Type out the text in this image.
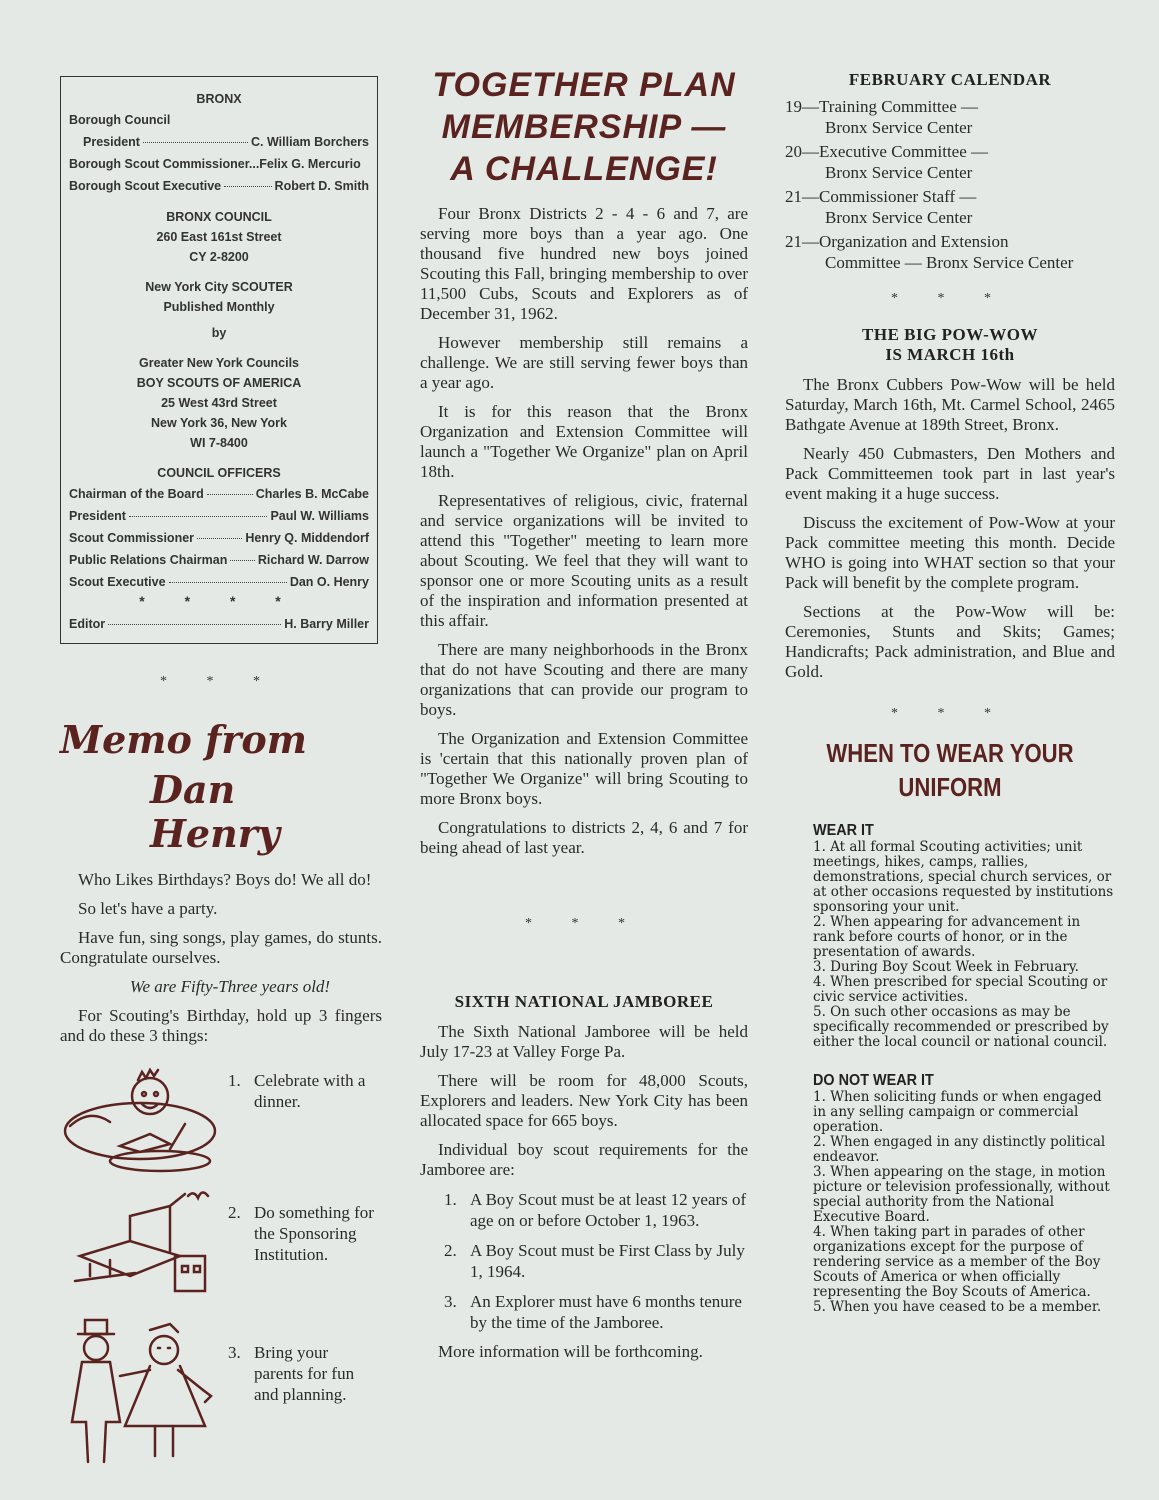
BRONX
Borough Council
President	C. William Borchers
Borough Scout Commissioner...Felix G. Mercurio
Borough Scout Executive	Robert D. Smith
BRONX COUNCIL
260 East 161st Street
CY 2-8200
New York City SCOUTER
Published Monthly
by
Greater New York Councils
BOY SCOUTS OF AMERICA
25 West 43rd Street
New York 36, New York
WI 7-8400
COUNCIL OFFICERS
Chairman of the Board	Charles B. McCabe
President	Paul W. Williams
Scout Commissioner	Henry Q. Middendorf
Public Relations Chairman Richard W. Darrow
Scout Executive	Dan O. Henry
* * * *
Editor	H. Barry Miller
* * *
Memo from
Dan Henry

Who Likes Birthdays? Boys do! We all do!

So let's have a party.

Have fun, sing songs, play games, do stunts. Congratulate ourselves.

We are Fifty-Three years old!

For Scouting's Birthday, hold up 3 fingers and do these 3 things:

1. Celebrate with a dinner.
2. Do something for the Sponsoring Institution.
3. Bring your parents for fun and planning.
TOGETHER PLAN
MEMBERSHIP —
A CHALLENGE!

Four Bronx Districts 2 - 4 - 6 and 7, are serving more boys than a year ago. One thousand five hundred new boys joined Scouting this Fall, bringing membership to over 11,500 Cubs, Scouts and Explorers as of December 31, 1962.

However membership still remains a challenge. We are still serving fewer boys than a year ago.

It is for this reason that the Bronx Organization and Extension Committee will launch a "Together We Organize" plan on April 18th.

Representatives of religious, civic, fraternal and service organizations will be invited to attend this "Together" meeting to learn more about Scouting. We feel that they will want to sponsor one or more Scouting units as a result of the inspiration and information presented at this affair.

There are many neighborhoods in the Bronx that do not have Scouting and there are many organizations that can provide our program to boys.

The Organization and Extension Committee is 'certain that this nationally proven plan of "Together We Organize" will bring Scouting to more Bronx boys.

Congratulations to districts 2, 4, 6 and 7 for being ahead of last year.

* * *
SIXTH NATIONAL JAMBOREE

The Sixth National Jamboree will be held July 17-23 at Valley Forge Pa.

There will be room for 48,000 Scouts, Explorers and leaders. New York City has been allocated space for 665 boys.

Individual boy scout requirements for the Jamboree are:

1. A Boy Scout must be at least 12 years of age on or before October 1, 1963.
2. A Boy Scout must be First Class by July 1, 1964.
3. An Explorer must have 6 months tenure by the time of the Jamboree.

More information will be forthcoming.

FEBRUARY CALENDAR
19—Training Committee —
Bronx Service Center
20—Executive Committee —
Bronx Service Center
21—Commissioner Staff —
Bronx Service Center
21—Organization and Extension
Committee — Bronx Service Center
* * *
THE BIG POW-WOW
IS MARCH 16th

The Bronx Cubbers Pow-Wow will be held Saturday, March 16th, Mt. Carmel School, 2465 Bathgate Avenue at 189th Street, Bronx.

Nearly 450 Cubmasters, Den Mothers and Pack Committeemen took part in last year's event making it a huge success.

Discuss the excitement of Pow-Wow at your Pack committee meeting this month. Decide WHO is going into WHAT section so that your Pack will benefit by the complete program.

Sections at the Pow-Wow will be: Ceremonies, Stunts and Skits; Games; Handicrafts; Pack administration, and Blue and Gold.

* * *
WHEN TO WEAR YOUR
UNIFORM
WEAR IT
1. At all formal Scouting activities; unit meetings, hikes, camps, rallies, demonstrations, special church services, or at other occasions requested by institutions sponsoring your unit.
2. When appearing for advancement in rank before courts of honor, or in the presentation of awards.
3. During Boy Scout Week in February.
4. When prescribed for special Scouting or civic service activities.
5. On such other occasions as may be specifically recommended or prescribed by either the local council or national council.
DO NOT WEAR IT
1. When soliciting funds or when engaged in any selling campaign or commercial operation.
2. When engaged in any distinctly political endeavor.
3. When appearing on the stage, in motion picture or television professionally, without special authority from the National Executive Board.
4. When taking part in parades of other organizations except for the purpose of rendering service as a member of the Boy Scouts of America or when officially representing the Boy Scouts of America.
5. When you have ceased to be a member.
